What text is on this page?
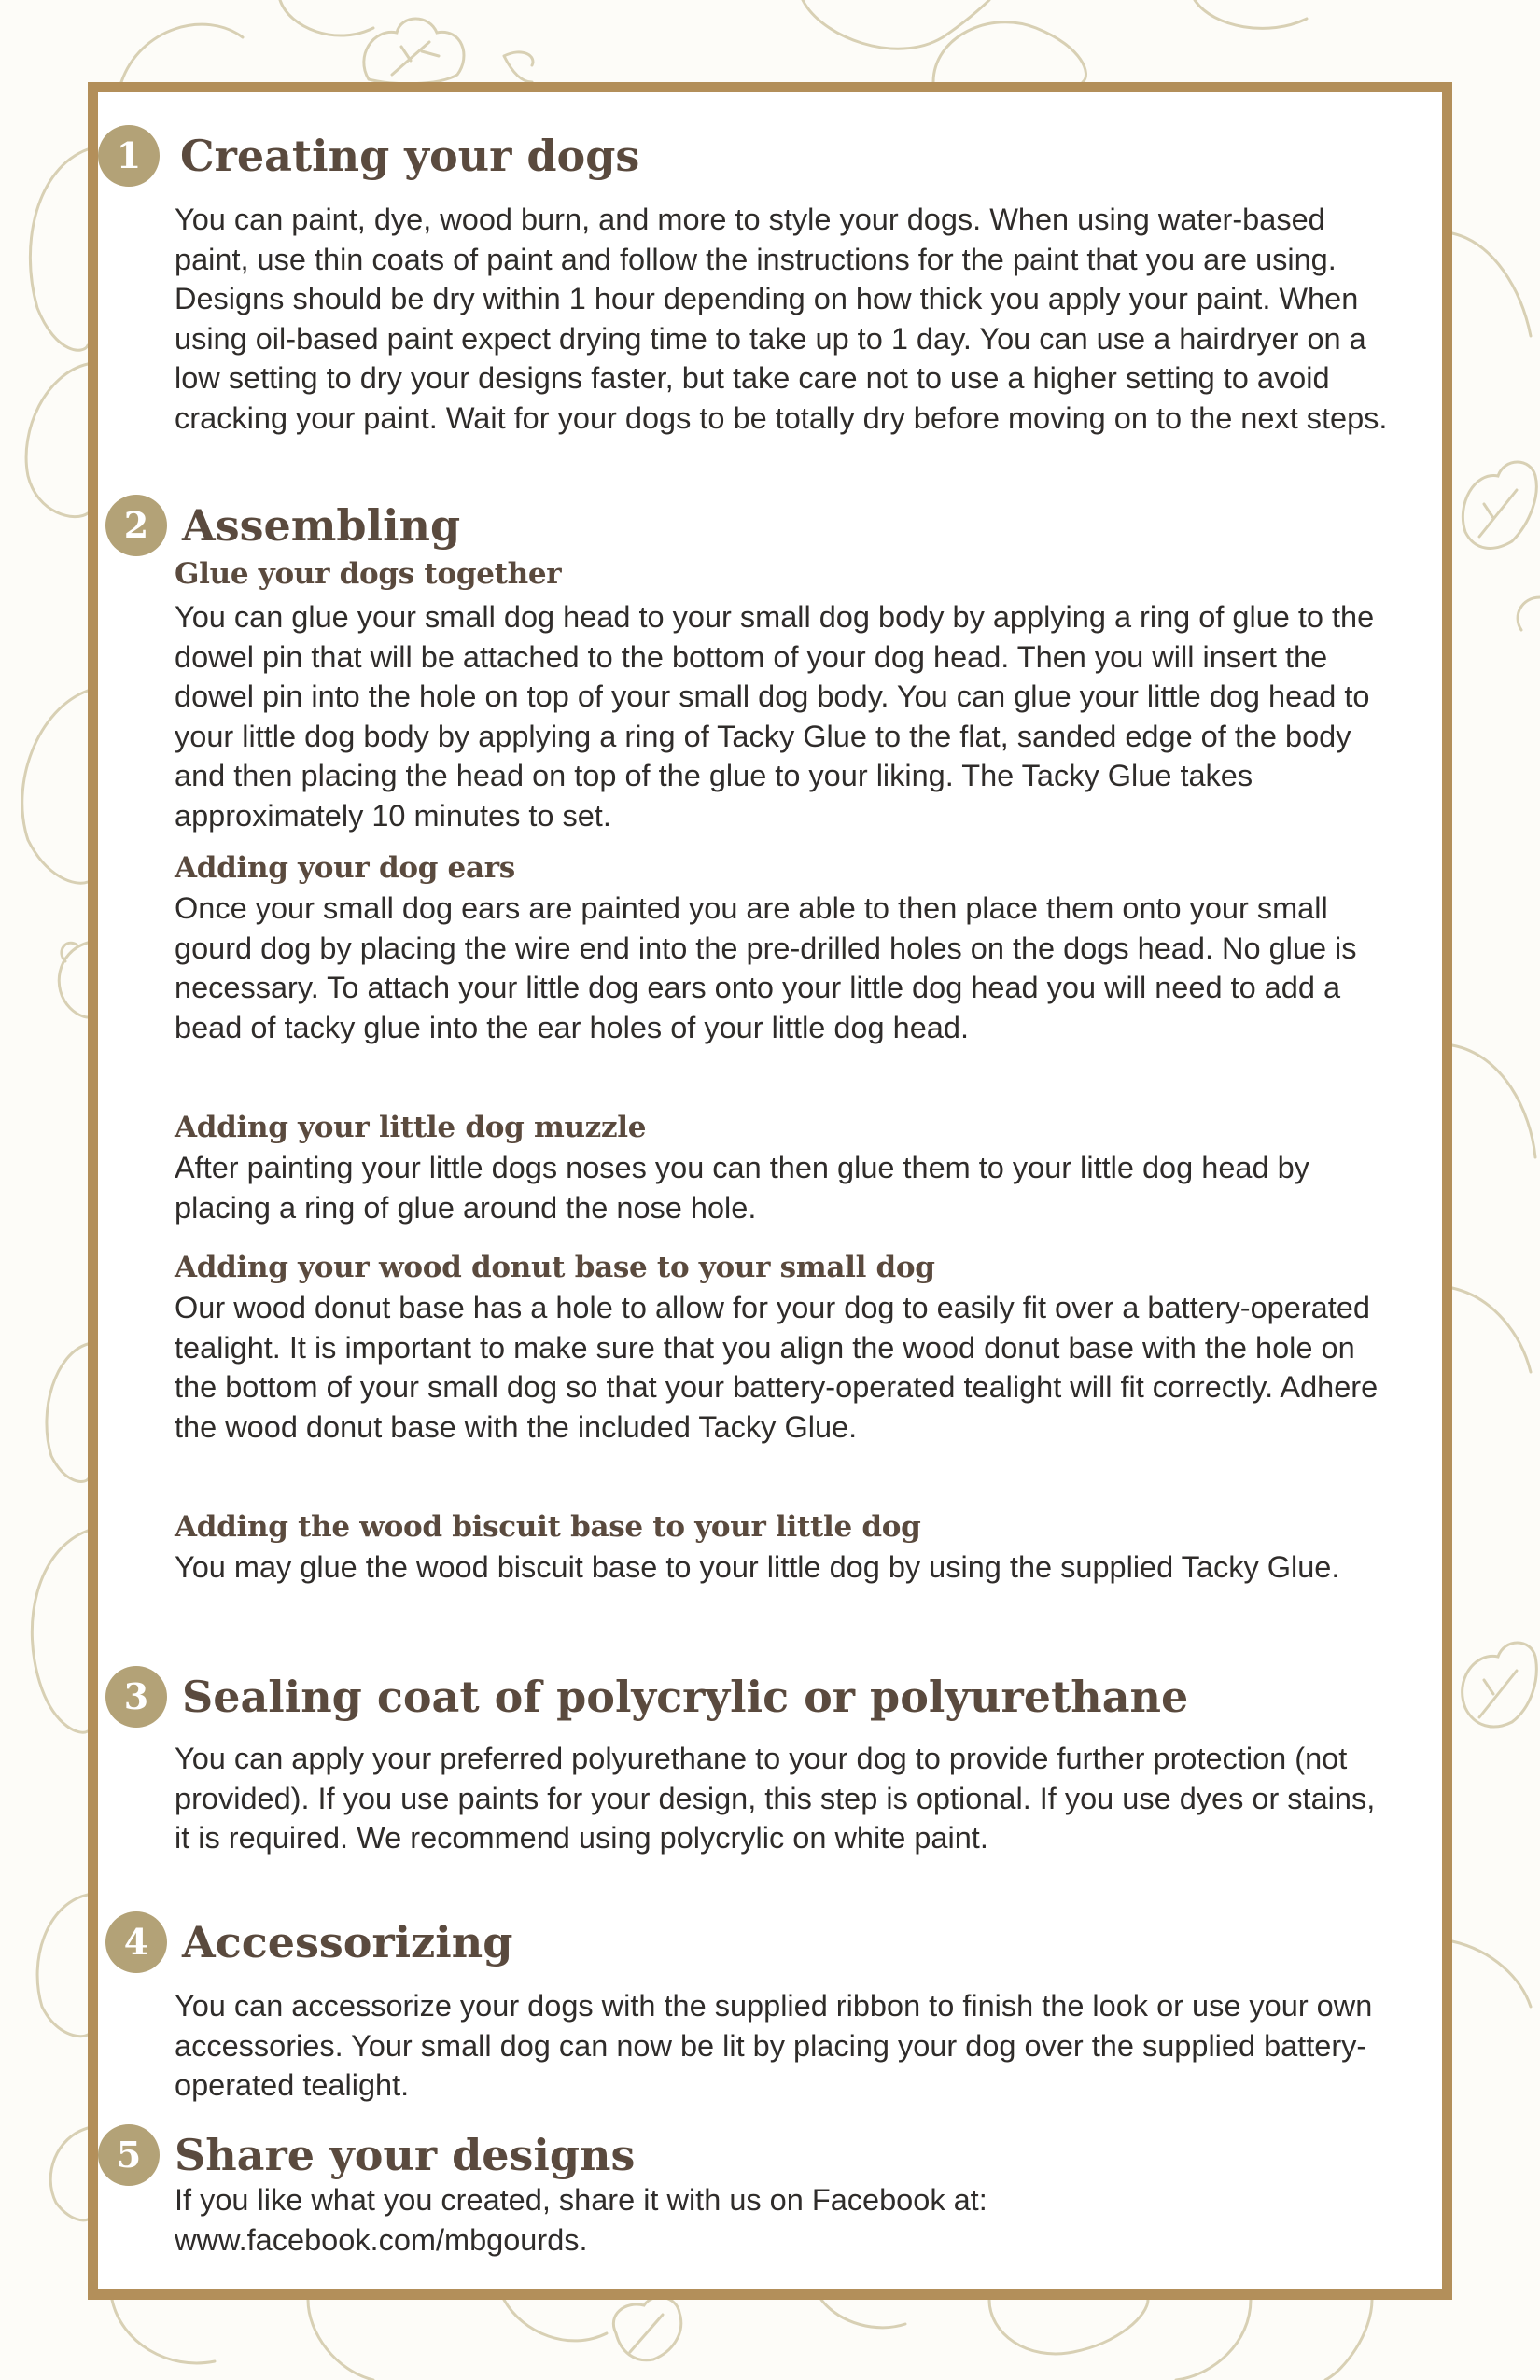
1 Creating your dogs

You can paint, dye, wood burn, and more to style your dogs. When using water-based paint, use thin coats of paint and follow the instructions for the paint that you are using. Designs should be dry within 1 hour depending on how thick you apply your paint. When using oil-based paint expect drying time to take up to 1 day. You can use a hairdryer on a low setting to dry your designs faster, but take care not to use a higher setting to avoid cracking your paint. Wait for your dogs to be totally dry before moving on to the next steps.

2 Assembling
Glue your dogs together

You can glue your small dog head to your small dog body by applying a ring of glue to the dowel pin that will be attached to the bottom of your dog head. Then you will insert the dowel pin into the hole on top of your small dog body. You can glue your little dog head to your little dog body by applying a ring of Tacky Glue to the flat, sanded edge of the body and then placing the head on top of the glue to your liking. The Tacky Glue takes approximately 10 minutes to set.

Adding your dog ears

Once your small dog ears are painted you are able to then place them onto your small gourd dog by placing the wire end into the pre-drilled holes on the dogs head. No glue is necessary. To attach your little dog ears onto your little dog head you will need to add a bead of tacky glue into the ear holes of your little dog head.

Adding your little dog muzzle

After painting your little dogs noses you can then glue them to your little dog head by placing a ring of glue around the nose hole.

Adding your wood donut base to your small dog

Our wood donut base has a hole to allow for your dog to easily fit over a battery-operated tealight. It is important to make sure that you align the wood donut base with the hole on the bottom of your small dog so that your battery-operated tealight will fit correctly. Adhere the wood donut base with the included Tacky Glue.

Adding the wood biscuit base to your little dog

You may glue the wood biscuit base to your little dog by using the supplied Tacky Glue.

3 Sealing coat of polycrylic or polyurethane

You can apply your preferred polyurethane to your dog to provide further protection (not provided). If you use paints for your design, this step is optional. If you use dyes or stains, it is required. We recommend using polycrylic on white paint.

4 Accessorizing

You can accessorize your dogs with the supplied ribbon to finish the look or use your own accessories. Your small dog can now be lit by placing your dog over the supplied battery-operated tealight.

5 Share your designs

If you like what you created, share it with us on Facebook at: www.facebook.com/mbgourds.
